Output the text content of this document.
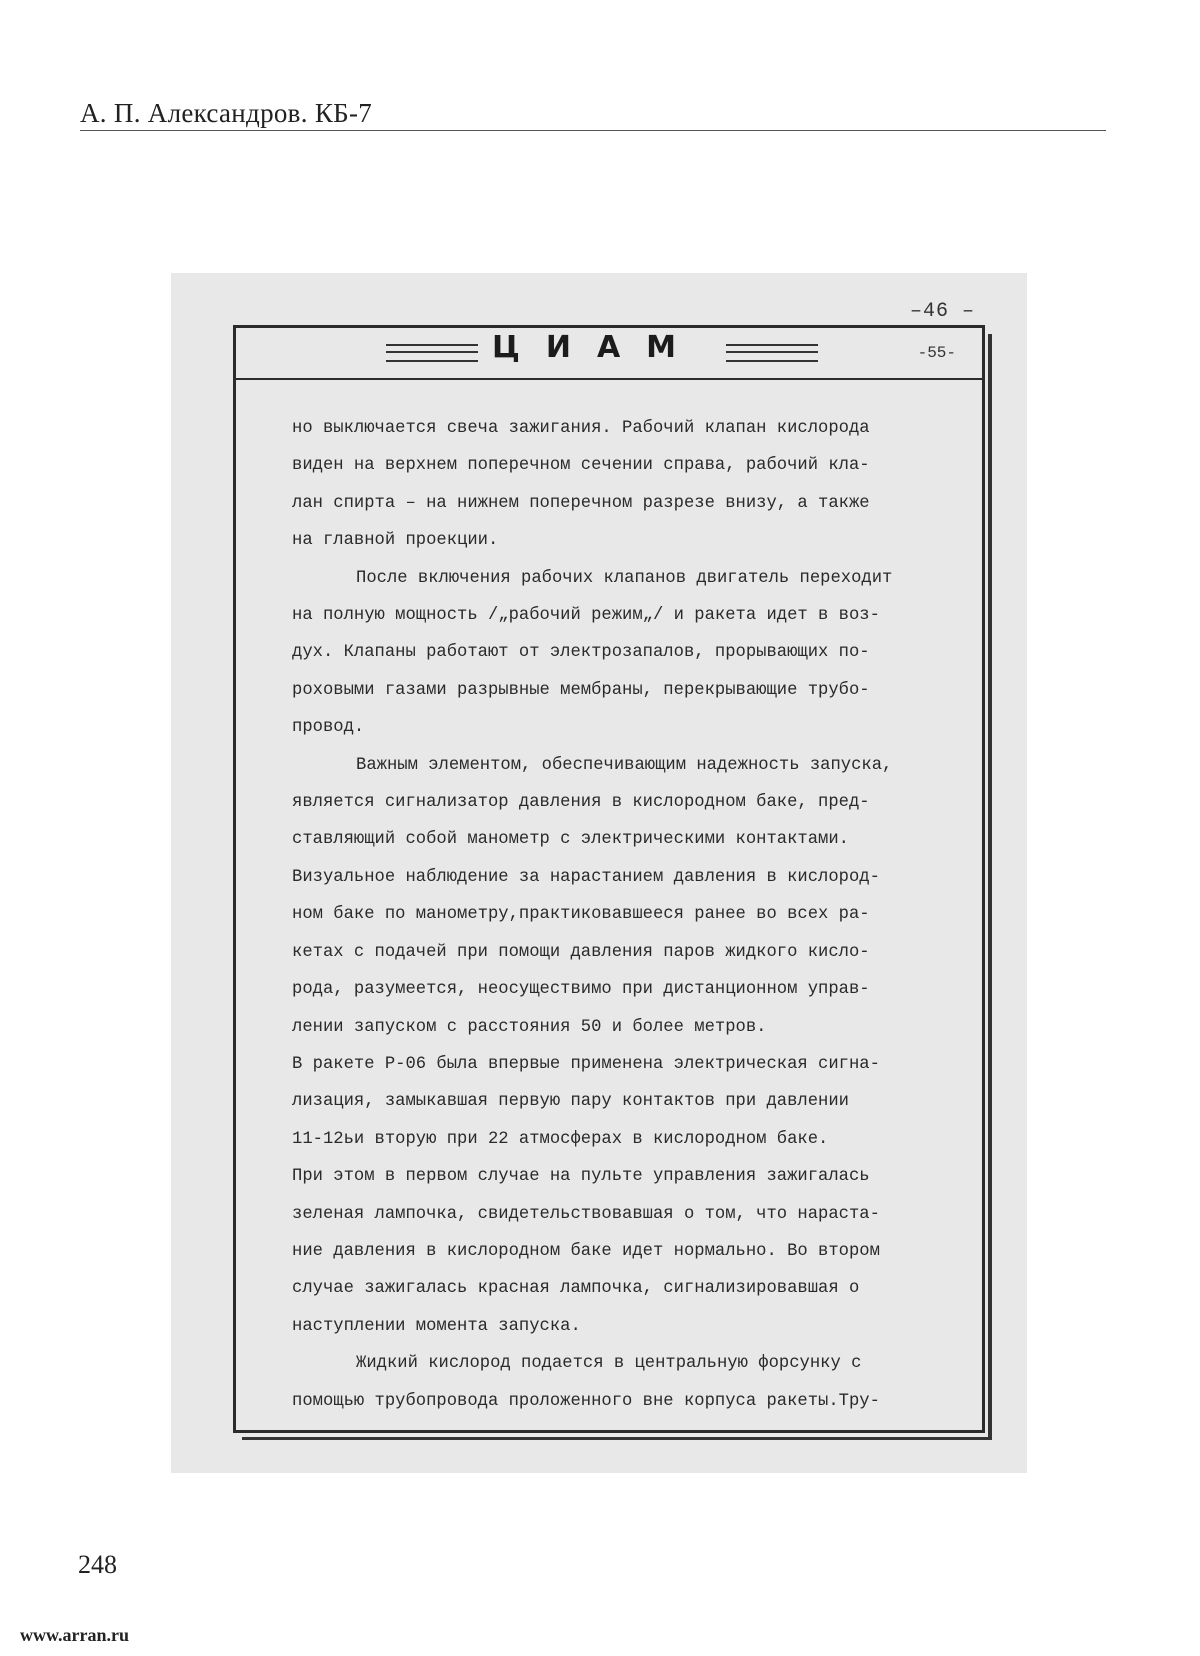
А. П. Александров. КБ-7
–46 –
ЦИАМ	-55-

но выключается свеча зажигания. Рабочий клапан кислорода

виден на верхнем поперечном сечении справа, рабочий кла-

лан спирта – на нижнем поперечном разрезе внизу, а также

на главной проекции.

После включения рабочих клапанов двигатель переходит

на полную мощность /„рабочий режим„/ и ракета идет в воз-

дух. Клапаны работают от электрозапалов, прорывающих по-

роховыми газами разрывные мембраны, перекрывающие трубо-

провод.

Важным элементом, обеспечивающим надежность запуска,

является сигнализатор давления в кислородном баке, пред-

ставляющий собой манометр с электрическими контактами.

Визуальное наблюдение за нарастанием давления в кислород-

ном баке по манометру,практиковавшееся ранее во всех ра-

кетах с подачей при помощи давления паров жидкого кисло-

рода, разумеется, неосуществимо при дистанционном управ-

лении запуском с расстояния 50 и более метров.

В ракете Р-06 была впервые применена электрическая сигна-

лизация, замыкавшая первую пару контактов при давлении

11-12ьи вторую при 22 атмосферах в кислородном баке.

При этом в первом случае на пульте управления зажигалась

зеленая лампочка, свидетельствовавшая о том, что нараста-

ние давления в кислородном баке идет нормально. Во втором

случае зажигалась красная лампочка, сигнализировавшая о

наступлении момента запуска.

Жидкий кислород подается в центральную форсунку с

помощью трубопровода проложенного вне корпуса ракеты.Тру-

248
www.arran.ru
